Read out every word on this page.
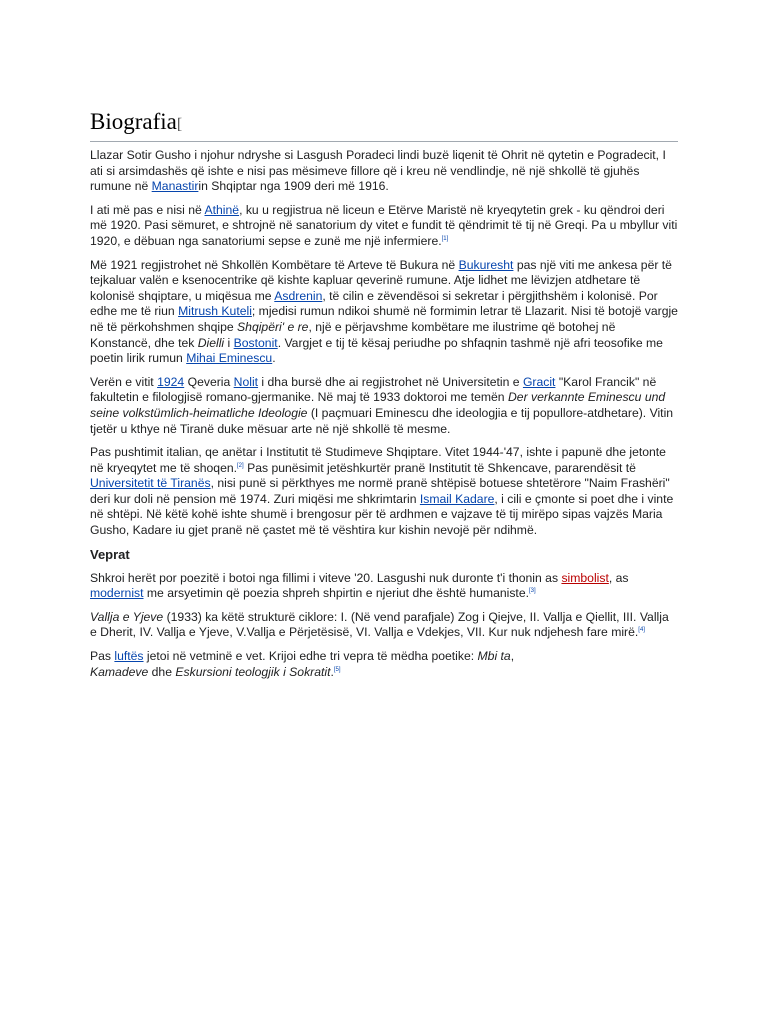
Biografia[

Llazar Sotir Gusho i njohur ndryshe si Lasgush Poradeci lindi buzë liqenit të Ohrit në qytetin e Pogradecit, I ati si arsimdashës që ishte e nisi pas mësimeve fillore që i kreu në vendlindje, në një shkollë të gjuhës rumune në Manastirin Shqiptar nga 1909 deri më 1916.

I ati më pas e nisi në Athinë, ku u regjistrua në liceun e Etërve Maristë në kryeqytetin grek - ku qëndroi deri më 1920. Pasi sëmuret, e shtrojnë në sanatorium dy vitet e fundit të qëndrimit të tij në Greqi. Pa u mbyllur viti 1920, e dëbuan nga sanatoriumi sepse e zunë me një infermiere.[1]

Më 1921 regjistrohet në Shkollën Kombëtare të Arteve të Bukura në Bukuresht pas një viti me ankesa për të tejkaluar valën e ksenocentrike që kishte kapluar qeverinë rumune. Atje lidhet me lëvizjen atdhetare të kolonisë shqiptare, u miqësua me Asdrenin, të cilin e zëvendësoi si sekretar i përgjithshëm i kolonisë. Por edhe me të riun Mitrush Kuteli; mjedisi rumun ndikoi shumë në formimin letrar të Llazarit. Nisi të botojë vargje në të përkohshmen shqipe Shqipëri' e re, një e përjavshme kombëtare me ilustrime që botohej në Konstancë, dhe tek Dielli i Bostonit. Vargjet e tij të kësaj periudhe po shfaqnin tashmë një afri teosofike me poetin lirik rumun Mihai Eminescu.

Verën e vitit 1924 Qeveria Nolit i dha bursë dhe ai regjistrohet në Universitetin e Gracit "Karol Francik" në fakultetin e filologjisë romano-gjermanike. Në maj të 1933 doktoroi me temën Der verkannte Eminescu und seine volkstümlich-heimatliche Ideologie (I paçmuari Eminescu dhe ideologjia e tij popullore-atdhetare). Vitin tjetër u kthye në Tiranë duke mësuar arte në një shkollë të mesme.

Pas pushtimit italian, qe anëtar i Institutit të Studimeve Shqiptare. Vitet 1944-'47, ishte i papunë dhe jetonte në kryeqytet me të shoqen.[2] Pas punësimit jetëshkurtër pranë Institutit të Shkencave, pararendësit të Universitetit të Tiranës, nisi punë si përkthyes me normë pranë shtëpisë botuese shtetërore "Naim Frashëri" deri kur doli në pension më 1974. Zuri miqësi me shkrimtarin Ismail Kadare, i cili e çmonte si poet dhe i vinte në shtëpi. Në këtë kohë ishte shumë i brengosur për të ardhmen e vajzave të tij mirëpo sipas vajzës Maria Gusho, Kadare iu gjet pranë në çastet më të vështira kur kishin nevojë për ndihmë.

Veprat

Shkroi herët por poezitë i botoi nga fillimi i viteve '20. Lasgushi nuk duronte t'i thonin as simbolist, as modernist me arsyetimin që poezia shpreh shpirtin e njeriut dhe është humaniste.[3]

Vallja e Yjeve (1933) ka këtë strukturë ciklore: I. (Në vend parafjale) Zog i Qiejve, II. Vallja e Qiellit, III. Vallja e Dherit, IV. Vallja e Yjeve, V.Vallja e Përjetësisë, VI. Vallja e Vdekjes, VII. Kur nuk ndjehesh fare mirë.[4]

Pas luftës jetoi në vetminë e vet. Krijoi edhe tri vepra të mëdha poetike: Mbi ta, Kamadeve dhe Eskursioni teologjik i Sokratit.[5]
